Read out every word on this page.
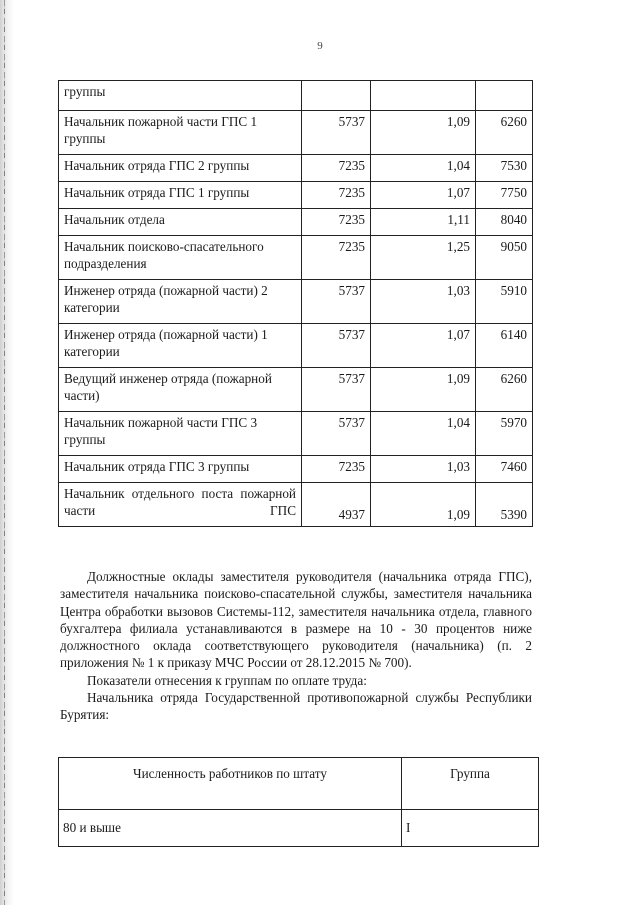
9
группы			
Начальник пожарной части ГПС 1 группы	5737	1,09	6260
Начальник отряда ГПС 2 группы	7235	1,04	7530
Начальник отряда ГПС 1 группы	7235	1,07	7750
Начальник отдела	7235	1,11	8040
Начальник поисково-спасательного подразделения	7235	1,25	9050
Инженер отряда (пожарной части) 2 категории	5737	1,03	5910
Инженер отряда (пожарной части) 1 категории	5737	1,07	6140
Ведущий инженер отряда (пожарной части)	5737	1,09	6260
Начальник пожарной части ГПС 3 группы	5737	1,04	5970
Начальник отряда ГПС 3 группы	7235	1,03	7460
Начальник отдельного поста пожарной части ГПС	4937	1,09	5390

Должностные оклады заместителя руководителя (начальника отряда ГПС), заместителя начальника поисково-спасательной службы, заместителя начальника Центра обработки вызовов Системы-112, заместителя начальника отдела, главного бухгалтера филиала устанавливаются в размере на 10 - 30 процентов ниже должностного оклада соответствующего руководителя (начальника) (п. 2 приложения № 1 к приказу МЧС России от 28.12.2015 № 700).

Показатели отнесения к группам по оплате труда:

Начальника отряда Государственной противопожарной службы Республики Бурятия:

Численность работников по штату	Группа
80 и выше	I
